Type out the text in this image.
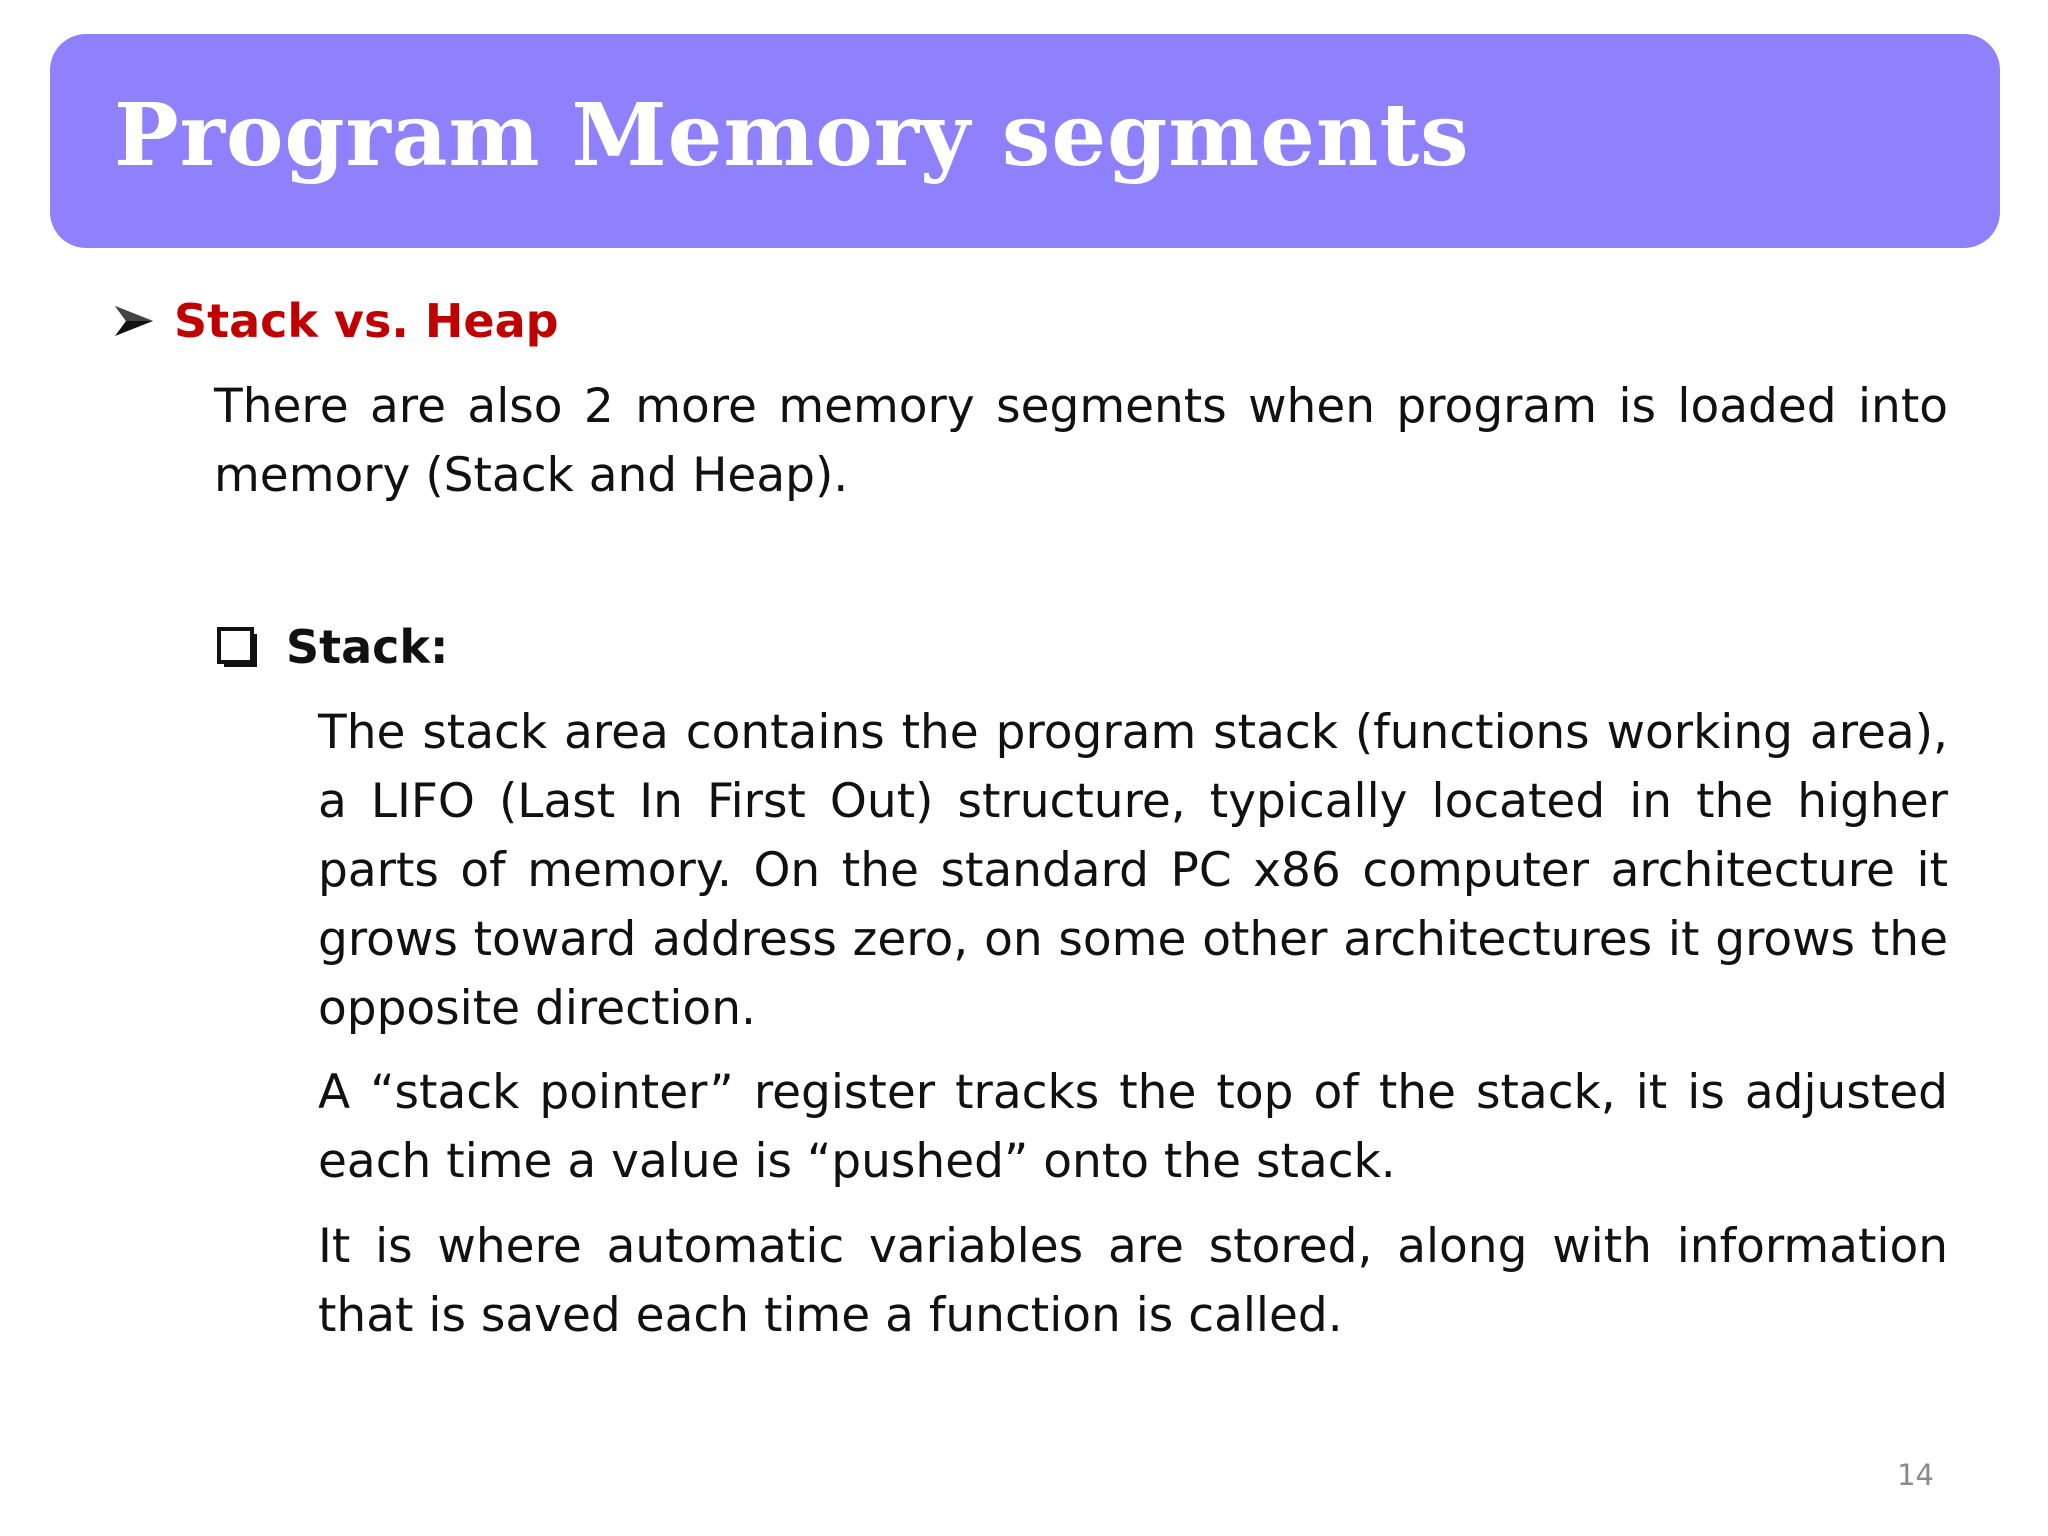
Program Memory segments
Stack vs. Heap

There are also 2 more memory segments when program is loaded into memory (Stack and Heap).

Stack:

The stack area contains the program stack (functions working area), a LIFO (Last In First Out) structure, typically located in the higher parts of memory. On the standard PC x86 computer architecture it grows toward address zero, on some other architectures it grows the opposite direction.

A “stack pointer” register tracks the top of the stack, it is adjusted each time a value is “pushed” onto the stack.

It is where automatic variables are stored, along with information that is saved each time a function is called.

14
